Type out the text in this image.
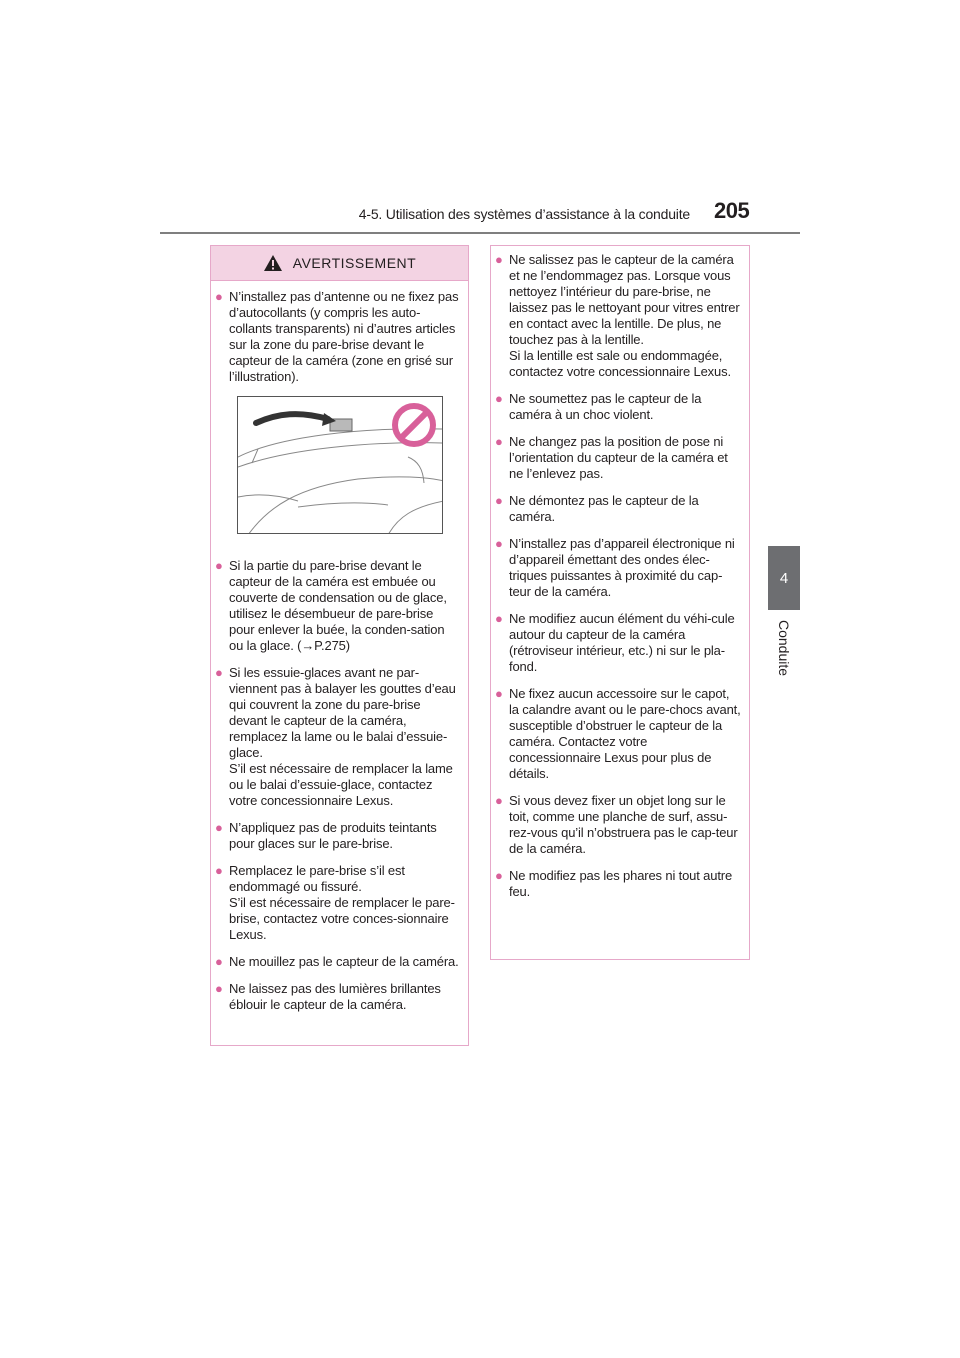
4-5. Utilisation des systèmes d’assistance à la conduite 205
4
Conduite
AVERTISSEMENT
● N’installez pas d’antenne ou ne fixez pas d’autocollants (y compris les auto-collants transparents) ni d’autres articles sur la zone du pare-brise devant le capteur de la caméra (zone en grisé sur l’illustration).
● Si la partie du pare-brise devant le capteur de la caméra est embuée ou couverte de condensation ou de glace, utilisez le désembueur de pare-brise pour enlever la buée, la conden-sation ou la glace. (→P.275)
● Si les essuie-glaces avant ne par-viennent pas à balayer les gouttes d’eau qui couvrent la zone du pare-brise devant le capteur de la caméra, remplacez la lame ou le balai d’essuie-glace.
S’il est nécessaire de remplacer la lame ou le balai d’essuie-glace, contactez votre concessionnaire Lexus.
● N’appliquez pas de produits teintants pour glaces sur le pare-brise.
● Remplacez le pare-brise s’il est endommagé ou fissuré.
S’il est nécessaire de remplacer le pare-brise, contactez votre conces-sionnaire Lexus.
● Ne mouillez pas le capteur de la caméra.
● Ne laissez pas des lumières brillantes éblouir le capteur de la caméra.
● Ne salissez pas le capteur de la caméra et ne l’endommagez pas. Lorsque vous nettoyez l’intérieur du pare-brise, ne laissez pas le nettoyant pour vitres entrer en contact avec la lentille. De plus, ne touchez pas à la lentille.
Si la lentille est sale ou endommagée, contactez votre concessionnaire Lexus.
● Ne soumettez pas le capteur de la caméra à un choc violent.
● Ne changez pas la position de pose ni l’orientation du capteur de la caméra et ne l’enlevez pas.
● Ne démontez pas le capteur de la caméra.
● N’installez pas d’appareil électronique ni d’appareil émettant des ondes élec-triques puissantes à proximité du cap-teur de la caméra.
● Ne modifiez aucun élément du véhi-cule autour du capteur de la caméra (rétroviseur intérieur, etc.) ni sur le pla-fond.
● Ne fixez aucun accessoire sur le capot, la calandre avant ou le pare-chocs avant, susceptible d’obstruer le capteur de la caméra. Contactez votre concessionnaire Lexus pour plus de détails.
● Si vous devez fixer un objet long sur le toit, comme une planche de surf, assu-rez-vous qu’il n’obstruera pas le cap-teur de la caméra.
● Ne modifiez pas les phares ni tout autre feu.
